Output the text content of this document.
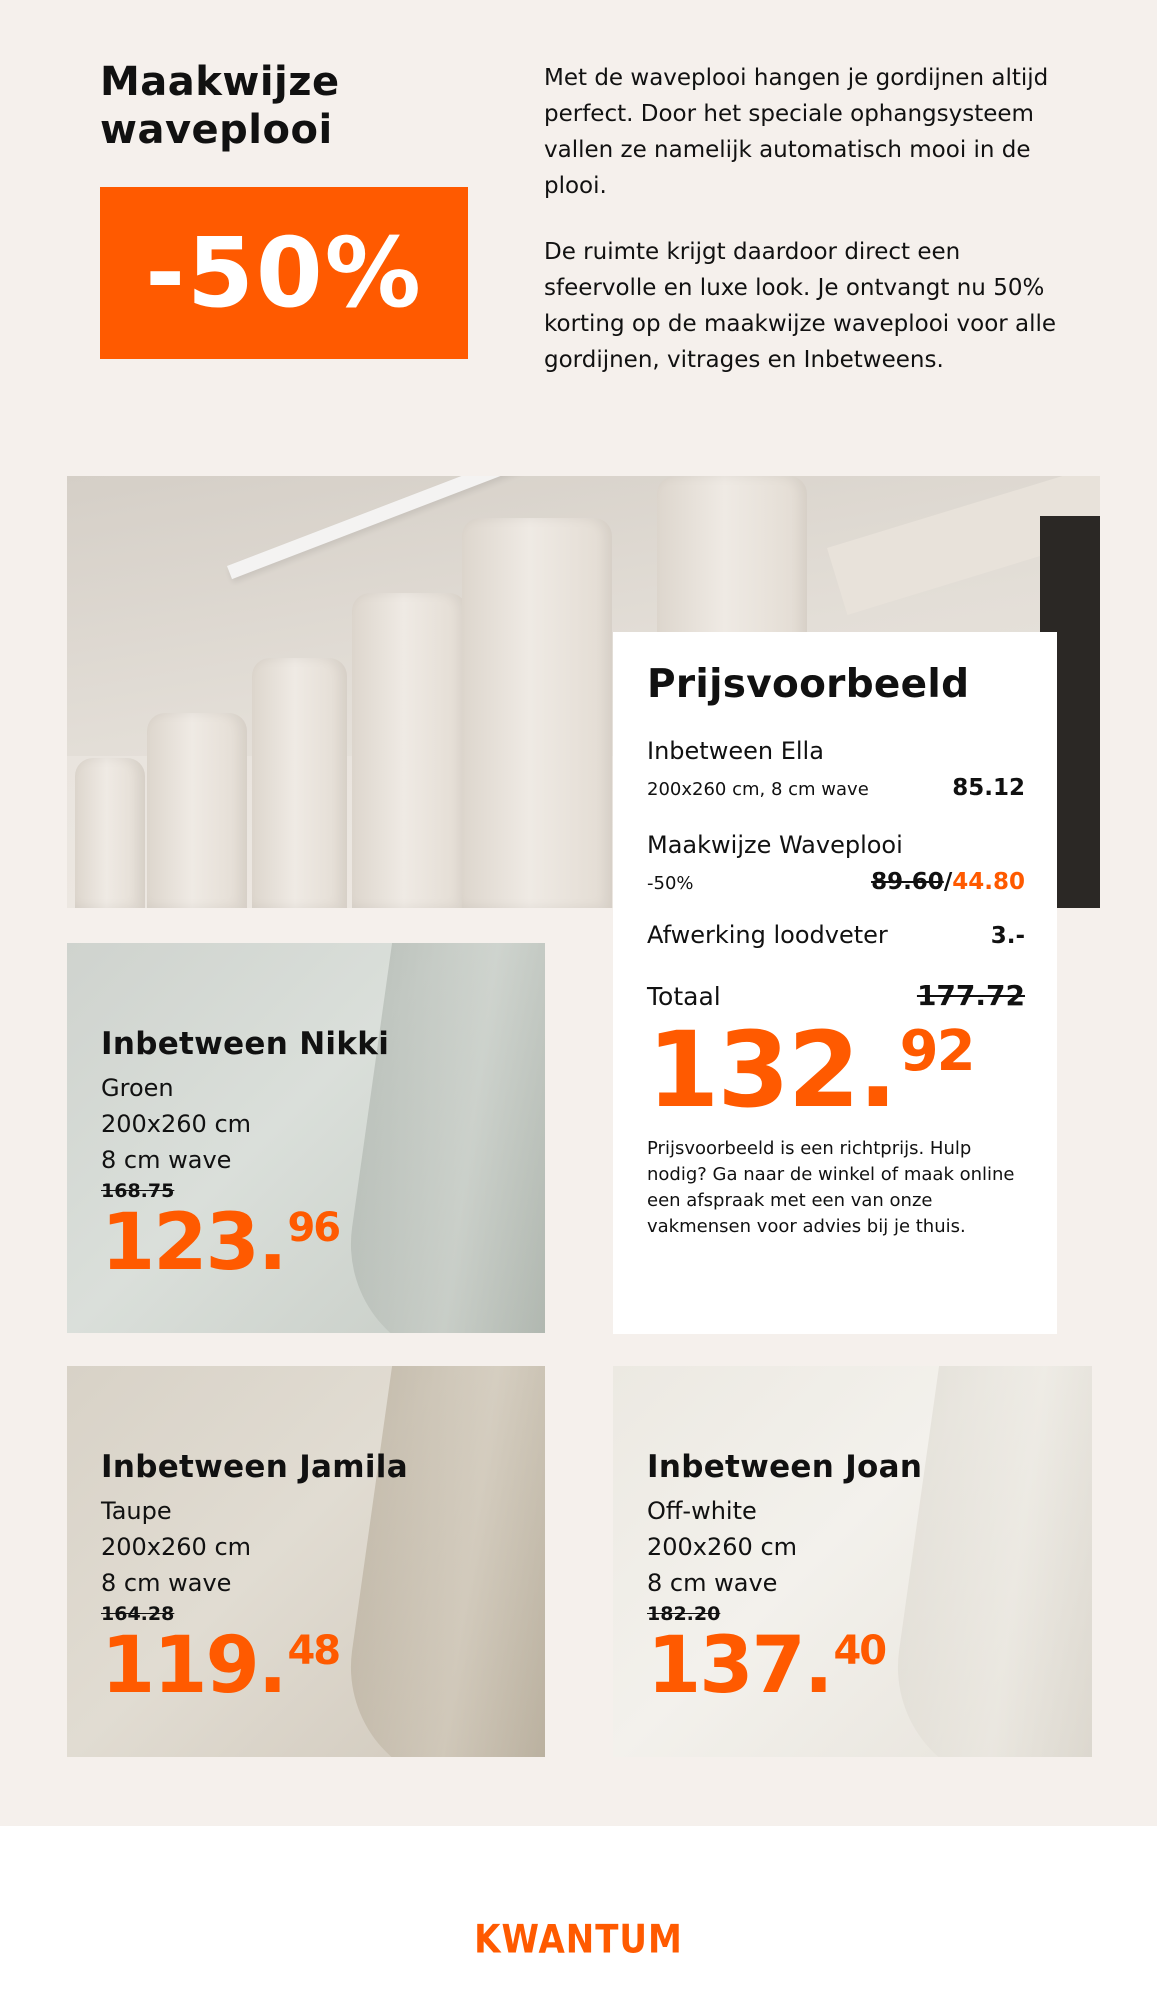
Maakwijze
waveplooi
-50%

Met de waveplooi hangen je gordijnen altijd perfect. Door het speciale ophangsysteem vallen ze namelijk automatisch mooi in de plooi.

De ruimte krijgt daardoor direct een sfeervolle en luxe look. Je ontvangt nu 50% korting op de maakwijze waveplooi voor alle gordijnen, vitrages en Inbetweens.

Prijsvoorbeeld
Inbetween Ella
200x260 cm, 8 cm wave	85.12
Maakwijze Waveplooi
-50%	89.60/44.80
Afwerking loodveter	3.-
Totaal	177.72
132. 92

Prijsvoorbeeld is een richtprijs. Hulp nodig? Ga naar de winkel of maak online een afspraak met een van onze vakmensen voor advies bij je thuis.

Inbetween Nikki
Groen
200x260 cm
8 cm wave
168.75
123. 96
Inbetween Jamila
Taupe
200x260 cm
8 cm wave
164.28
119. 48
Inbetween Joan
Off-white
200x260 cm
8 cm wave
182.20
137. 40
KWANTUM
